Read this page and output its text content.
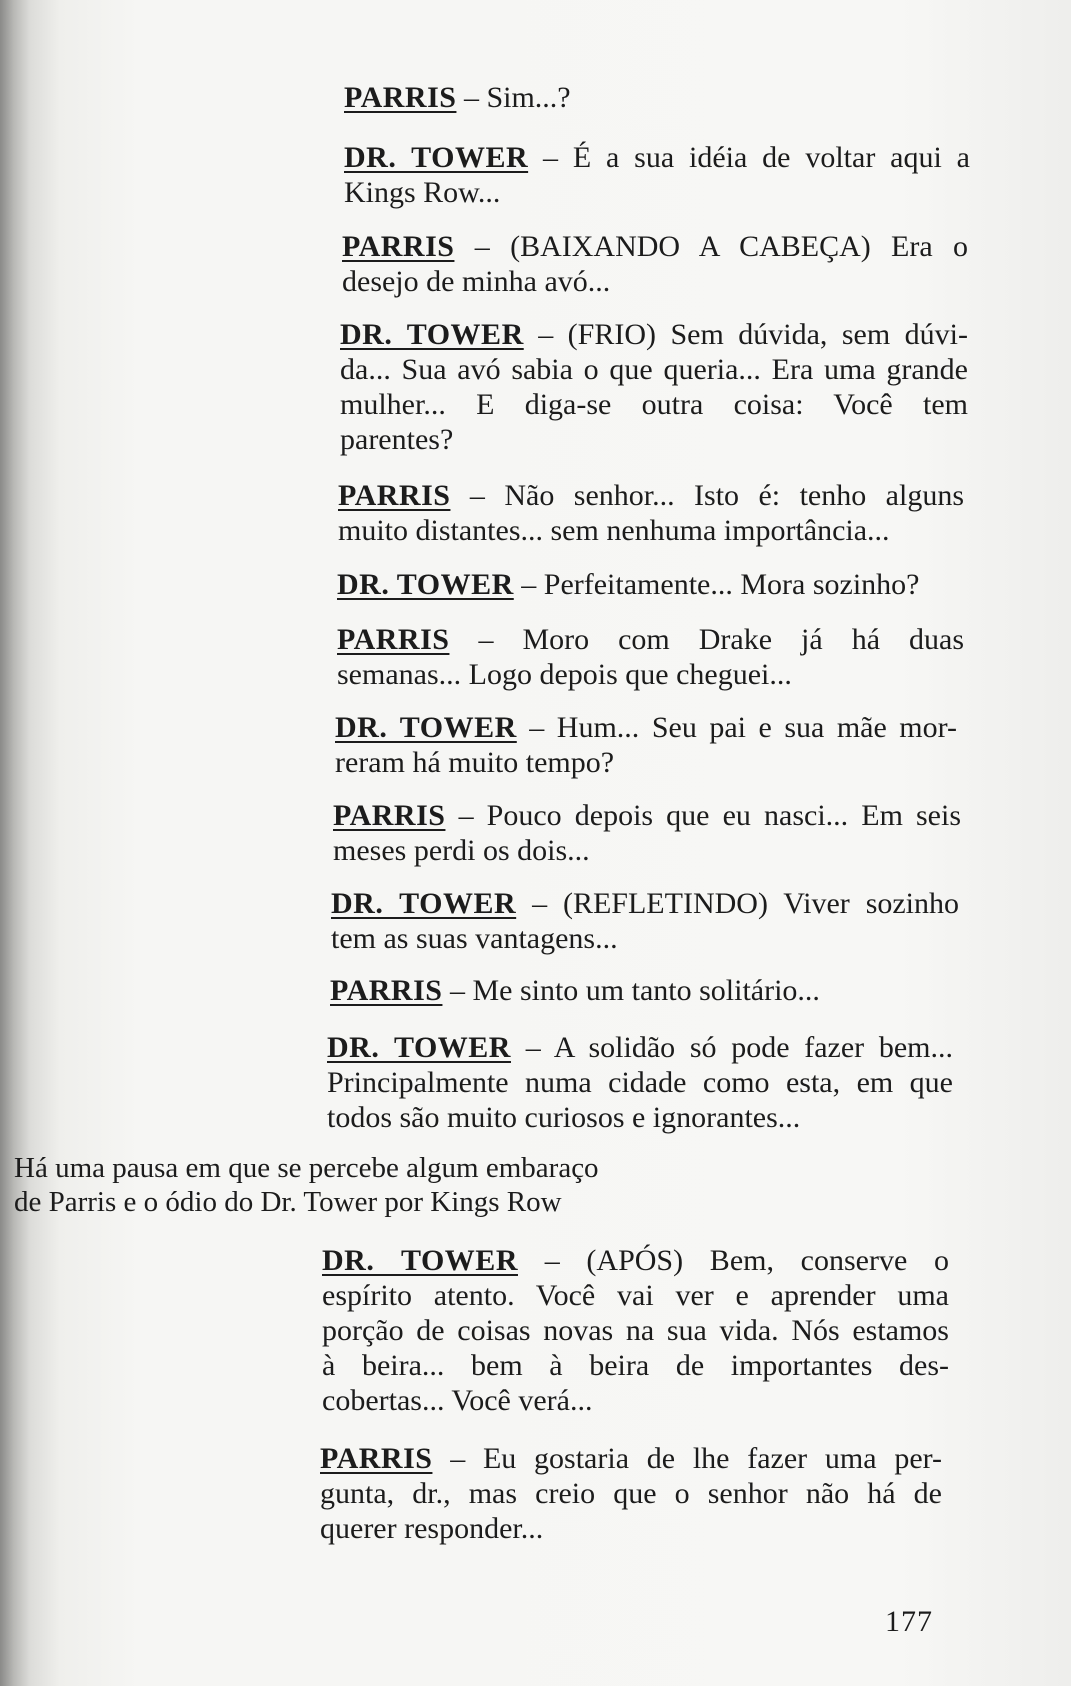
PARRIS
– Sim...?
DR. TOWER – É a sua idéia de voltar aqui a
Kings Row...
PARRIS – (BAIXANDO A CABEÇA) Era o
desejo de minha avó...
DR. TOWER – (FRIO) Sem dúvida, sem dúvi-
da... Sua avó sabia o que queria... Era uma grande
mulher... E diga-se outra coisa: Você tem
parentes?
PARRIS – Não senhor... Isto é: tenho alguns
muito distantes... sem nenhuma importância...
DR. TOWER
– Perfeitamente... Mora sozinho?
PARRIS – Moro com Drake já há duas
semanas... Logo depois que cheguei...
DR. TOWER – Hum... Seu pai e sua mãe mor-
reram há muito tempo?
PARRIS – Pouco depois que eu nasci... Em seis
meses perdi os dois...
DR. TOWER – (REFLETINDO) Viver sozinho
tem as suas vantagens...
PARRIS
– Me sinto um tanto solitário...
DR. TOWER – A solidão só pode fazer bem...
Principalmente numa cidade como esta, em que
todos são muito curiosos e ignorantes...
Há uma pausa em que se percebe algum embaraço
de Parris e o ódio do Dr. Tower por Kings Row
DR. TOWER – (APÓS) Bem, conserve o
espírito atento. Você vai ver e aprender uma
porção de coisas novas na sua vida. Nós estamos
à beira... bem à beira de importantes des-
cobertas... Você verá...
PARRIS – Eu gostaria de lhe fazer uma per-
gunta, dr., mas creio que o senhor não há de
querer responder...
177
